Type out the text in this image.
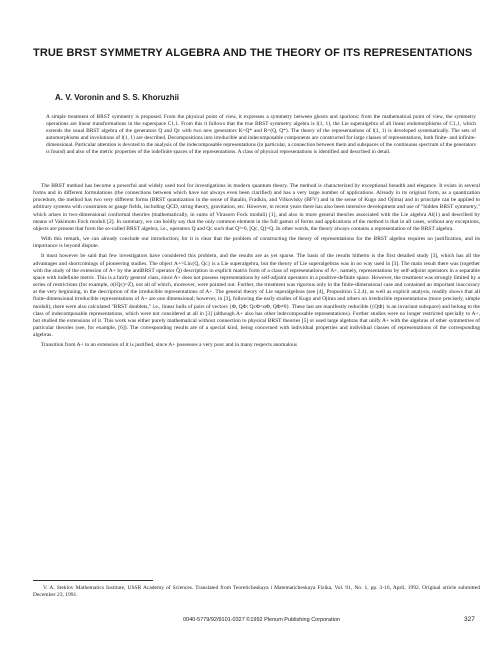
TRUE BRST SYMMETRY ALGEBRA AND THE THEORY OF ITS REPRESENTATIONS
A. V. Voronin and S. S. Khoruzhii
A simple treatment of BRST symmetry is proposed. From the physical point of view, it expresses a symmetry between ghosts and spurions; from the mathematical point of view, the symmetry operations are linear transformations in the superspace C1,1. From this it follows that the true BRST symmetry algebra is l(1, 1), the Lie superalgebra of all linear endomorphisms of C1,1, which extends the usual BRST algebra of the generators Q and Qc with two new generators K=Q* and R=(Q, Q*). The theory of the representations of l(1, 1) is developed systematically. The sets of automorphisms and involutions of l(1, 1) are described. Decompositions into irreducible and indecomposable components are constructed for large classes of representations, both finite- and infinite-dimensional. Particular attention is devoted to the analysis of the indecomposable representations (in particular, a connection between them and subspaces of the continuous spectrum of the generators is found) and also of the metric properties of the indefinite spaces of the representations. A class of physical representations is identified and described in detail.

The BRST method has become a powerful and widely used tool for investigations in modern quantum theory. The method is characterized by exceptional breadth and elegance. It exists in several forms and in different formulations (the connections between which have not always even been clarified) and has a very large number of applications. Already in its original form, as a quantization procedure, the method has two very different forms (BRST quantization in the sense of Batalin, Fradkin, and Vilkovisky (BFV) and in the sense of Kugo and Ojima) and in principle can be applied to arbitrary systems with constraints or gauge fields, including QCD, string theory, gravitation, etc. However, in recent years there has also been intensive development and use of "hidden BRST symmetry," which arises in two-dimensional conformal theories (mathematically, in sums of Virasoro Fock moduli) [1], and also in more general theories associated with the Lie algebra Al(1) and described by means of Vakimoto Fock moduli [2]. In summary, we can boldly say that the only common element in the full gamut of forms and applications of the method is that in all cases, without any exceptions, objects are present that form the so-called BRST algebra, i.e., operators Q and Qc such that Q²=0, [Qc, Q]=Q. In other words, the theory always contains a representation of the BRST algebra.

With this remark, we can already conclude our introduction; for it is clear that the problem of constructing the theory of representations for the BRST algebra requires no justification, and its importance is beyond dispute.

It must however be said that few investigators have considered this problem, and the results are as yet sparse. The basis of the results hitherto is the first detailed study [3], which has all the advantages and shortcomings of pioneering studies. The object A+=Lin{Q, Qc} is a Lie superalgebra, but the theory of Lie superalgebras was in no way used in [3]. The main result there was (together with the study of the extension of A+ by the antiBRST operator Q̄) description in explicit matrix form of a class of representations of A+, namely, representations by self-adjoint operators in a separable space with indefinite metric. This is a fairly general class, since A+ does not possess representations by self-adjoint operators in a positive-definite space. However, the treatment was strongly limited by a series of restrictions (for example, σ(iQc)=Z), not all of which, moreover, were pointed out. Further, the treatment was rigorous only in the finite-dimensional case and contained an important inaccuracy at the very beginning, in the description of the irreducible representations of A+. The general theory of Lie superalgebras (see [4], Proposition 5.2.4), as well as explicit analysis, readily shows that all finite-dimensional irreducible representations of A+ are one dimensional; however, in [3], following the early studies of Kugo and Ojima and others on irreducible representations (more precisely, simple moduli), there were also calculated "BRST doublets," i.e., linear hulls of pairs of vectors {Φ, QΦ; QcΦ=αΦ, QΦ≠0}. These last are manifestly reducible ({QΦ} is an invariant subspace) and belong to the class of indecomposable representations, which were not considered at all in [3] (although A+ also has other indecomposable representations). Further studies were no longer restricted specially to A+, but studied the extensions of it. This work was either purely mathematical without connection to physical BRST theories [5] or used large algebras that unify A+ with the algebras of other symmetries of particular theories (see, for example, [6]). The corresponding results are of a special kind, being concerned with individual properties and individual classes of representations of the corresponding algebras.

Transition from A+ to an extension of it is justified, since A+ possesses a very poor and in many respects anomalous

V. A. Steklov Mathematics Institute, USSR Academy of Sciences. Translated from Teoreticheskaya i Matematicheskaya Fizika, Vol. 91, No. 1, pp. 3-16, April, 1992. Original article submitted December 23, 1991.
0040-5779/92/9101-0327 ©1992 Plenum Publishing Corporation	327
